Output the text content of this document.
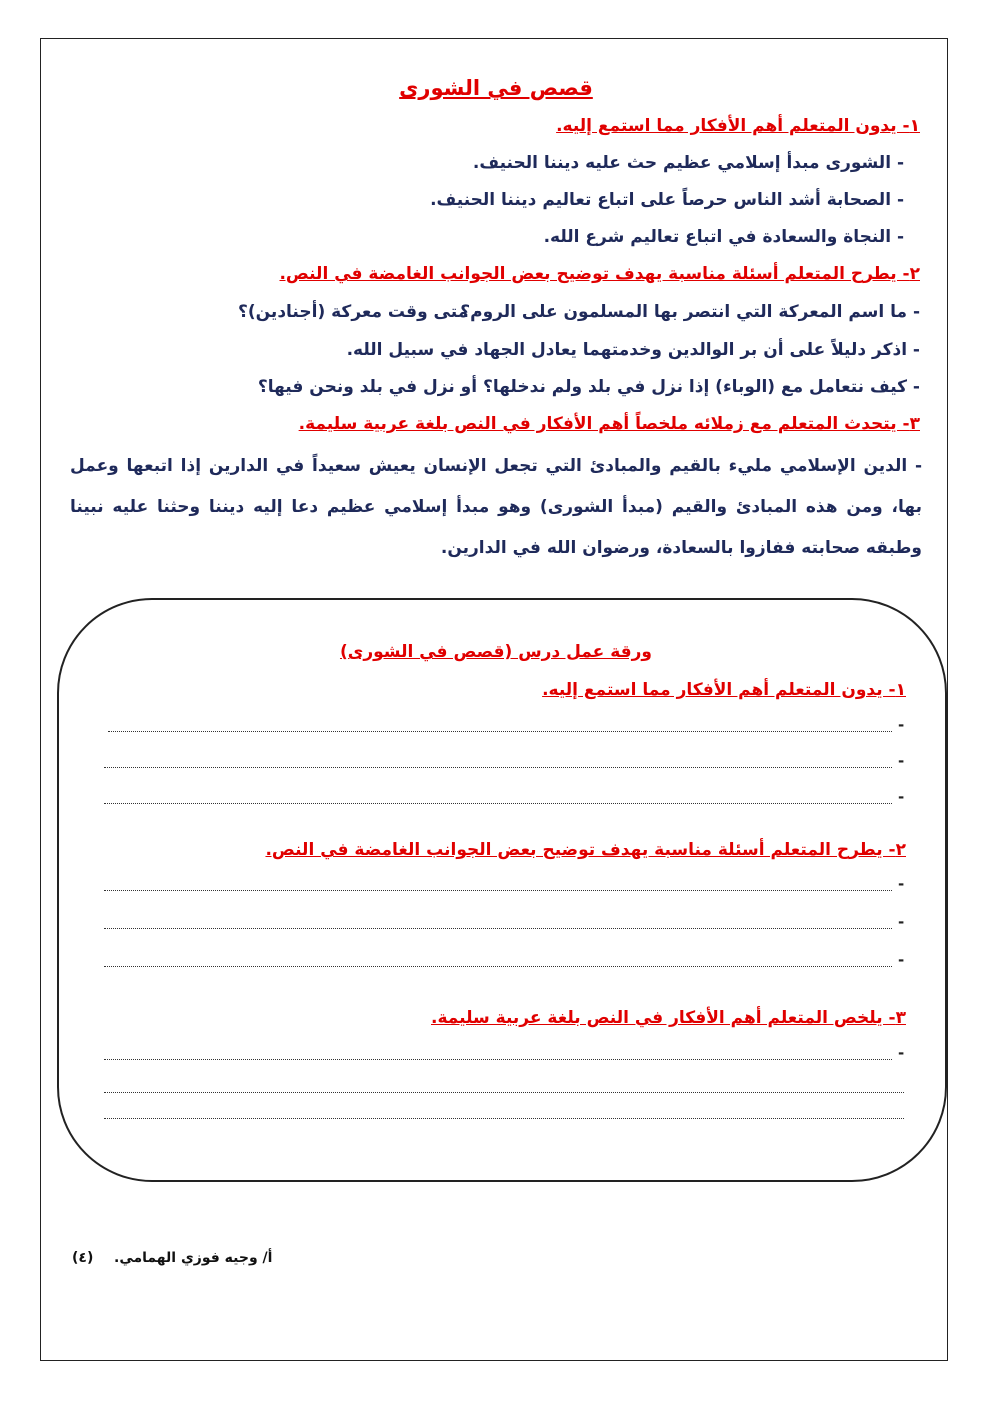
قصص في الشورى
١- يدون المتعلم أهم الأفكار مما استمع إليه.
- الشورى مبدأ إسلامي عظيم حث عليه ديننا الحنيف.
- الصحابة أشد الناس حرصاً على اتباع تعاليم ديننا الحنيف.
- النجاة والسعادة في اتباع تعاليم شرع الله.
٢- يطرح المتعلم أسئلة مناسبة يهدف توضيح بعض الجوانب الغامضة في النص.
- ما اسم المعركة التي انتصر بها المسلمون على الروم؟
- متى وقت معركة (أجنادين)؟
- اذكر دليلاً على أن بر الوالدين وخدمتهما يعادل الجهاد في سبيل الله.
- كيف نتعامل مع (الوباء) إذا نزل في بلد ولم ندخلها؟ أو نزل في بلد ونحن فيها؟
٣- يتحدث المتعلم مع زملائه ملخصاً أهم الأفكار في النص بلغة عربية سليمة.
- الدين الإسلامي مليء بالقيم والمبادئ التي تجعل الإنسان يعيش سعيداً في الدارين إذا اتبعها وعمل بها، ومن هذه المبادئ والقيم (مبدأ الشورى) وهو مبدأ إسلامي عظيم دعا إليه ديننا وحثنا عليه نبينا وطبقه صحابته ففازوا بالسعادة، ورضوان الله في الدارين.
ورقة عمل درس (قصص في الشورى)
١- يدون المتعلم أهم الأفكار مما استمع إليه.
-
-
-
٢- يطرح المتعلم أسئلة مناسبة يهدف توضيح بعض الجوانب الغامضة في النص.
-
-
-
٣- يلخص المتعلم أهم الأفكار في النص بلغة عربية سليمة.
-
(٤) أ/ وجيه فوزي الهمامي.
